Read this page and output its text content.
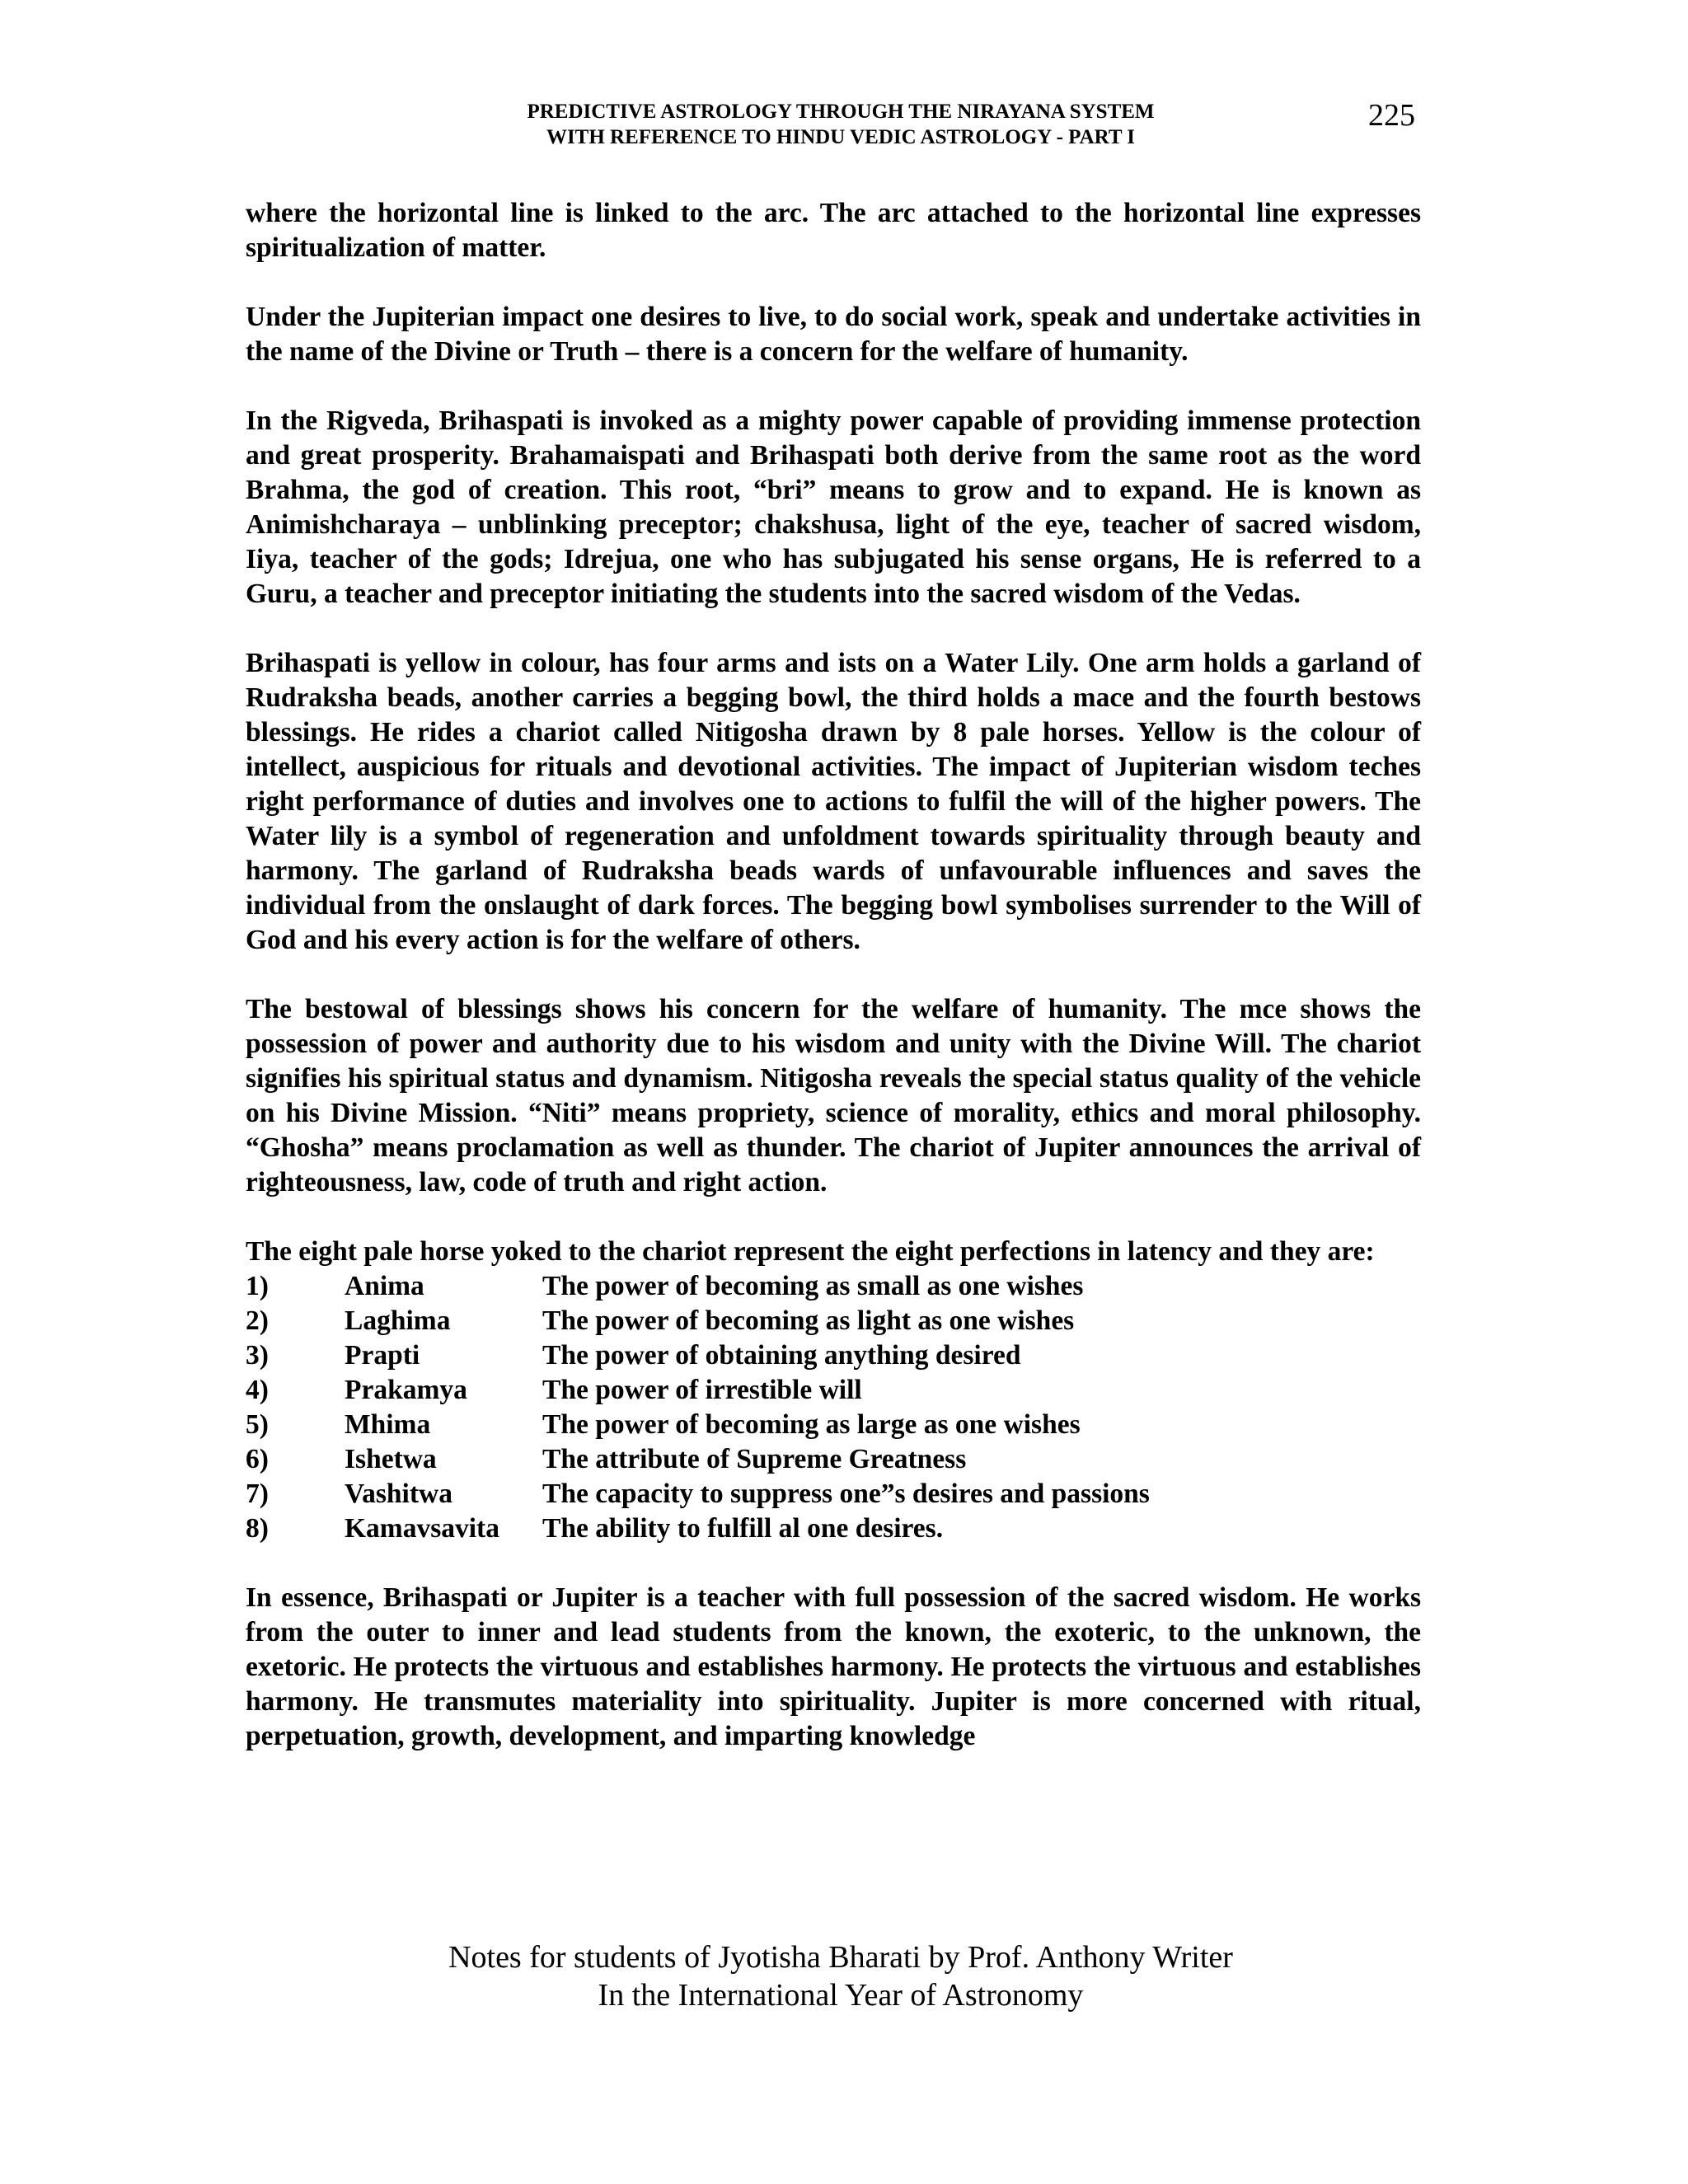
PREDICTIVE ASTROLOGY THROUGH THE NIRAYANA SYSTEM
WITH REFERENCE TO HINDU VEDIC ASTROLOGY - PART I
225

where the horizontal line is linked to the arc. The arc attached to the horizontal line expresses spiritualization of matter.

Under the Jupiterian impact one desires to live, to do social work, speak and undertake activities in the name of the Divine or Truth – there is a concern for the welfare of humanity.

In the Rigveda, Brihaspati is invoked as a mighty power capable of providing immense protection and great prosperity. Brahamaispati and Brihaspati both derive from the same root as the word Brahma, the god of creation. This root, “bri” means to grow and to expand. He is known as Animishcharaya – unblinking preceptor; chakshusa, light of the eye, teacher of sacred wisdom, Iiya, teacher of the gods; Idrejua, one who has subjugated his sense organs, He is referred to a Guru, a teacher and preceptor initiating the students into the sacred wisdom of the Vedas.

Brihaspati is yellow in colour, has four arms and ists on a Water Lily. One arm holds a garland of Rudraksha beads, another carries a begging bowl, the third holds a mace and the fourth bestows blessings. He rides a chariot called Nitigosha drawn by 8 pale horses. Yellow is the colour of intellect, auspicious for rituals and devotional activities. The impact of Jupiterian wisdom teches right performance of duties and involves one to actions to fulfil the will of the higher powers. The Water lily is a symbol of regeneration and unfoldment towards spirituality through beauty and harmony. The garland of Rudraksha beads wards of unfavourable influences and saves the individual from the onslaught of dark forces. The begging bowl symbolises surrender to the Will of God and his every action is for the welfare of others.

The bestowal of blessings shows his concern for the welfare of humanity. The mce shows the possession of power and authority due to his wisdom and unity with the Divine Will. The chariot signifies his spiritual status and dynamism. Nitigosha reveals the special status quality of the vehicle on his Divine Mission. “Niti” means propriety, science of morality, ethics and moral philosophy. “Ghosha” means proclamation as well as thunder. The chariot of Jupiter announces the arrival of righteousness, law, code of truth and right action.

The eight pale horse yoked to the chariot represent the eight perfections in latency and they are:

1)	Anima	The power of becoming as small as one wishes
2)	Laghima	The power of becoming as light as one wishes
3)	Prapti	The power of obtaining anything desired
4)	Prakamya	The power of irrestible will
5)	Mhima	The power of becoming as large as one wishes
6)	Ishetwa	The attribute of Supreme Greatness
7)	Vashitwa	The capacity to suppress one”s desires and passions
8)	Kamavsavita	The ability to fulfill al one desires.

In essence, Brihaspati or Jupiter is a teacher with full possession of the sacred wisdom. He works from the outer to inner and lead students from the known, the exoteric, to the unknown, the exetoric. He protects the virtuous and establishes harmony. He protects the virtuous and establishes harmony. He transmutes materiality into spirituality. Jupiter is more concerned with ritual, perpetuation, growth, development, and imparting knowledge

Notes for students of Jyotisha Bharati by Prof. Anthony Writer
In the International Year of Astronomy
